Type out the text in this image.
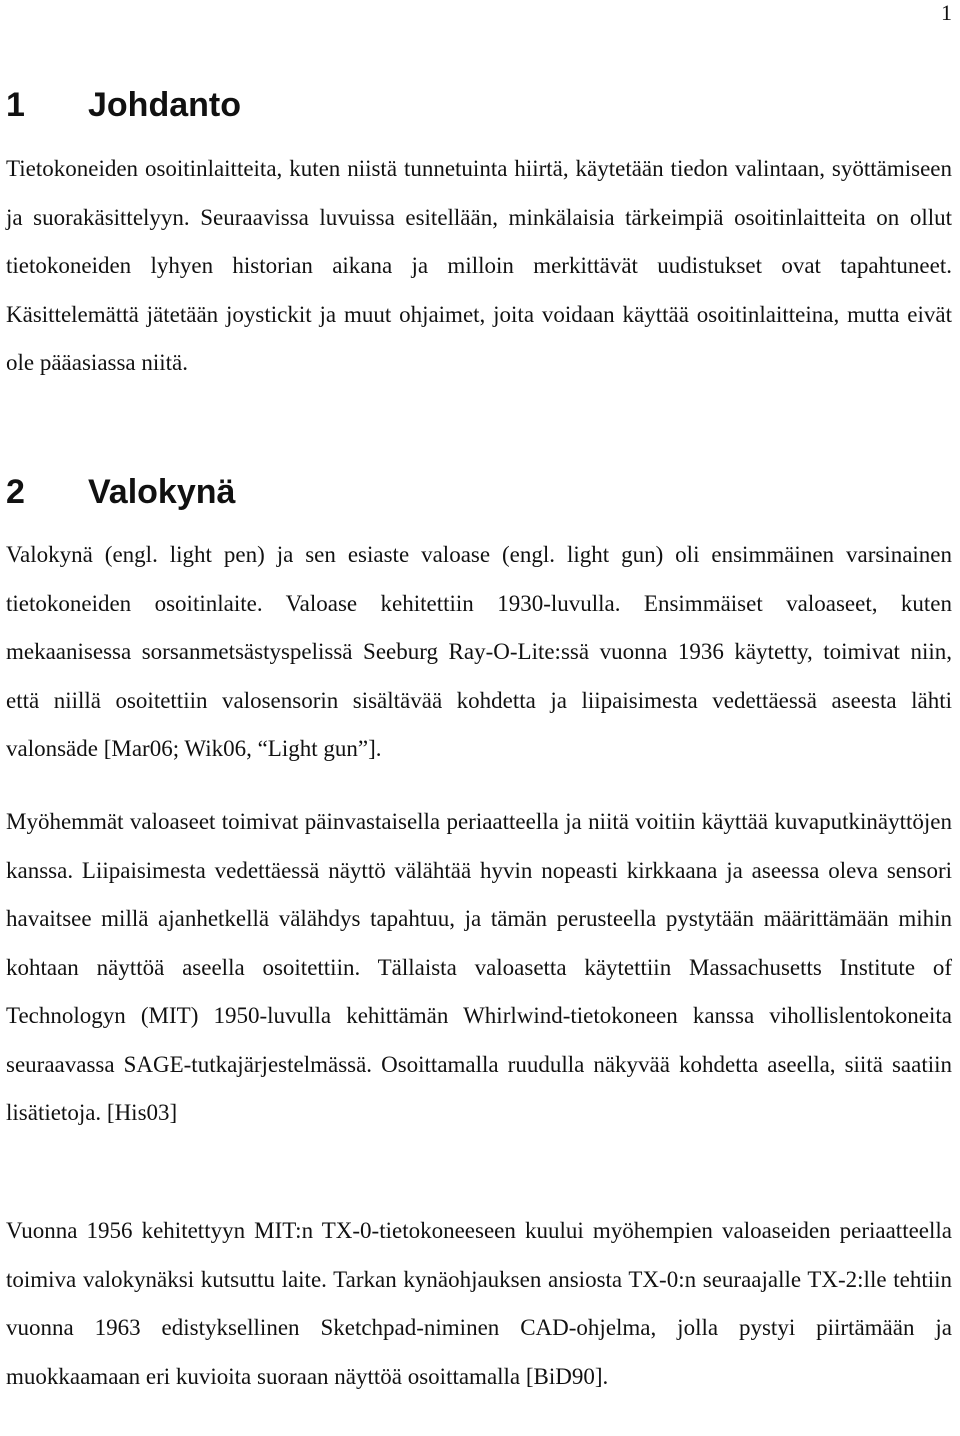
1
1 Johdanto

Tietokoneiden osoitinlaitteita, kuten niistä tunnetuinta hiirtä, käytetään tiedon valintaan, syöttämiseen ja suorakäsittelyyn. Seuraavissa luvuissa esitellään, minkälaisia tärkeimpiä osoitinlaitteita on ollut tietokoneiden lyhyen historian aikana ja milloin merkittävät uudistukset ovat tapahtuneet. Käsittelemättä jätetään joystickit ja muut ohjaimet, joita voidaan käyttää osoitinlaitteina, mutta eivät ole pääasiassa niitä.

2 Valokynä

Valokynä (engl. light pen) ja sen esiaste valoase (engl. light gun) oli ensimmäinen varsinainen tietokoneiden osoitinlaite. Valoase kehitettiin 1930-luvulla. Ensimmäiset valoaseet, kuten mekaanisessa sorsanmetsästyspelissä Seeburg Ray-O-Lite:ssä vuonna 1936 käytetty, toimivat niin, että niillä osoitettiin valosensorin sisältävää kohdetta ja liipaisimesta vedettäessä aseesta lähti valonsäde [Mar06; Wik06, “Light gun”].

Myöhemmät valoaseet toimivat päinvastaisella periaatteella ja niitä voitiin käyttää kuvaputkinäyttöjen kanssa. Liipaisimesta vedettäessä näyttö välähtää hyvin nopeasti kirkkaana ja aseessa oleva sensori havaitsee millä ajanhetkellä välähdys tapahtuu, ja tämän perusteella pystytään määrittämään mihin kohtaan näyttöä aseella osoitettiin. Tällaista valoasetta käytettiin Massachusetts Institute of Technologyn (MIT) 1950-luvulla kehittämän Whirlwind-tietokoneen kanssa vihollislentokoneita seuraavassa SAGE-tutkajärjestelmässä. Osoittamalla ruudulla näkyvää kohdetta aseella, siitä saatiin lisätietoja. [His03]

Vuonna 1956 kehitettyyn MIT:n TX-0-tietokoneeseen kuului myöhempien valoaseiden periaatteella toimiva valokynäksi kutsuttu laite. Tarkan kynäohjauksen ansiosta TX-0:n seuraajalle TX-2:lle tehtiin vuonna 1963 edistyksellinen Sketchpad-niminen CAD-ohjelma, jolla pystyi piirtämään ja muokkaamaan eri kuvioita suoraan näyttöä osoittamalla [BiD90].
